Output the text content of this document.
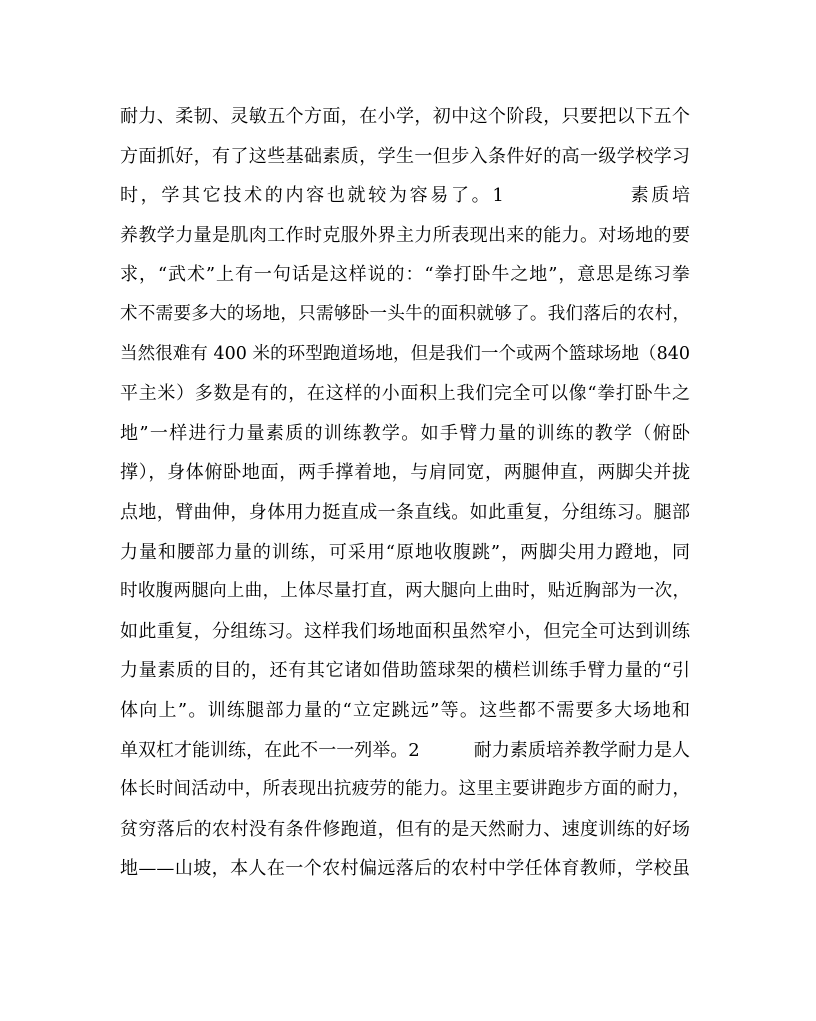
耐力、柔韧、灵敏五个方面，在小学，初中这个阶段，只要把以下五个
方面抓好，有了这些基础素质，学生一但步入条件好的高一级学校学习
时，学其它技术的内容也就较为容易了。1　　　　　　素质培
养教学力量是肌肉工作时克服外界主力所表现出来的能力。对场地的要
求，“武术”上有一句话是这样说的：“拳打卧牛之地”，意思是练习拳
术不需要多大的场地，只需够卧一头牛的面积就够了。我们落后的农村，
当然很难有 400 米的环型跑道场地，但是我们一个或两个篮球场地（840
平主米）多数是有的，在这样的小面积上我们完全可以像“拳打卧牛之
地”一样进行力量素质的训练教学。如手臂力量的训练的教学（俯卧
撑），身体俯卧地面，两手撑着地，与肩同宽，两腿伸直，两脚尖并拢
点地，臂曲伸，身体用力挺直成一条直线。如此重复，分组练习。腿部
力量和腰部力量的训练，可采用“原地收腹跳”，两脚尖用力蹬地，同
时收腹两腿向上曲，上体尽量打直，两大腿向上曲时，贴近胸部为一次，
如此重复，分组练习。这样我们场地面积虽然窄小，但完全可达到训练
力量素质的目的，还有其它诸如借助篮球架的横栏训练手臂力量的“引
体向上”。训练腿部力量的“立定跳远”等。这些都不需要多大场地和
单双杠才能训练，在此不一一列举。2　　　耐力素质培养教学耐力是人
体长时间活动中，所表现出抗疲劳的能力。这里主要讲跑步方面的耐力，
贫穷落后的农村没有条件修跑道，但有的是天然耐力、速度训练的好场
地——山坡，本人在一个农村偏远落后的农村中学任体育教师，学校虽
